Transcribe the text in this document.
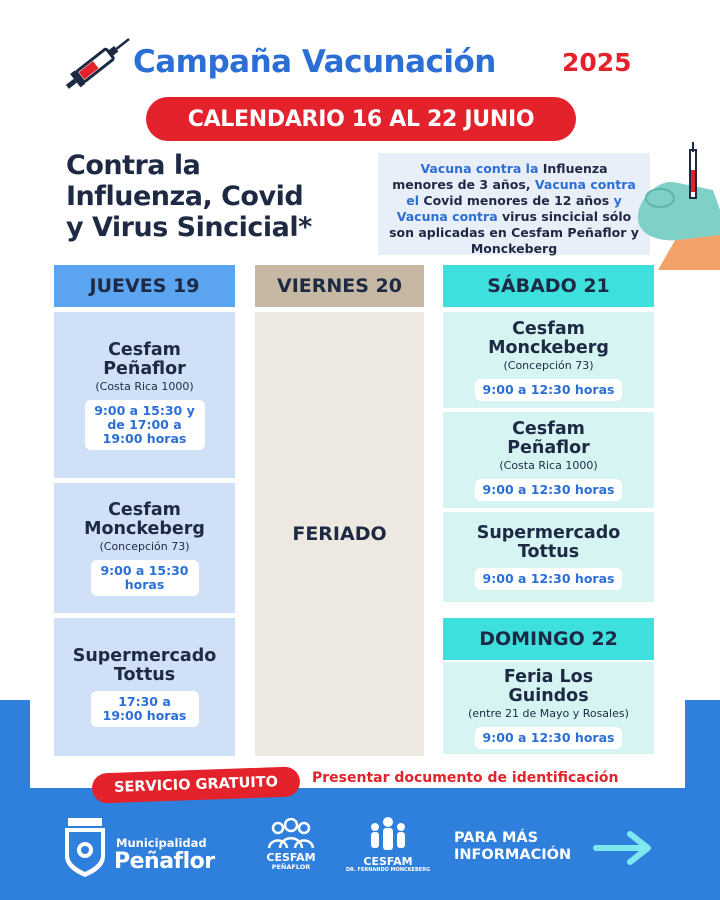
Campaña Vacunación	2025
CALENDARIO 16 AL 22 JUNIO
Contra la
Influenza, Covid
y Virus Sincicial*
Vacuna contra la Influenza menores de 3 años, Vacuna contra el Covid menores de 12 años y Vacuna contra virus sincicial sólo son aplicadas en Cesfam Peñaflor y Monckeberg
JUEVES 19	VIERNES 20	SÁBADO 21
Cesfam Peñaflor
(Costa Rica 1000)
9:00 a 15:30 y de 17:00 a 19:00 horas
Cesfam Monckeberg
(Concepción 73)
9:00 a 15:30 horas
Supermercado Tottus
17:30 a 19:00 horas
FERIADO
Cesfam Monckeberg
(Concepción 73)
9:00 a 12:30 horas
Cesfam Peñaflor
(Costa Rica 1000)
9:00 a 12:30 horas
Supermercado Tottus
9:00 a 12:30 horas
DOMINGO 22
Feria Los Guindos
(entre 21 de Mayo y Rosales)
9:00 a 12:30 horas
SERVICIO GRATUITO	Presentar documento de identificación
Municipalidad
Peñaflor	CESFAM
PEÑAFLOR	CESFAM
DR. FERNANDO MONCKEBERG
PARA MÁS INFORMACIÓN
